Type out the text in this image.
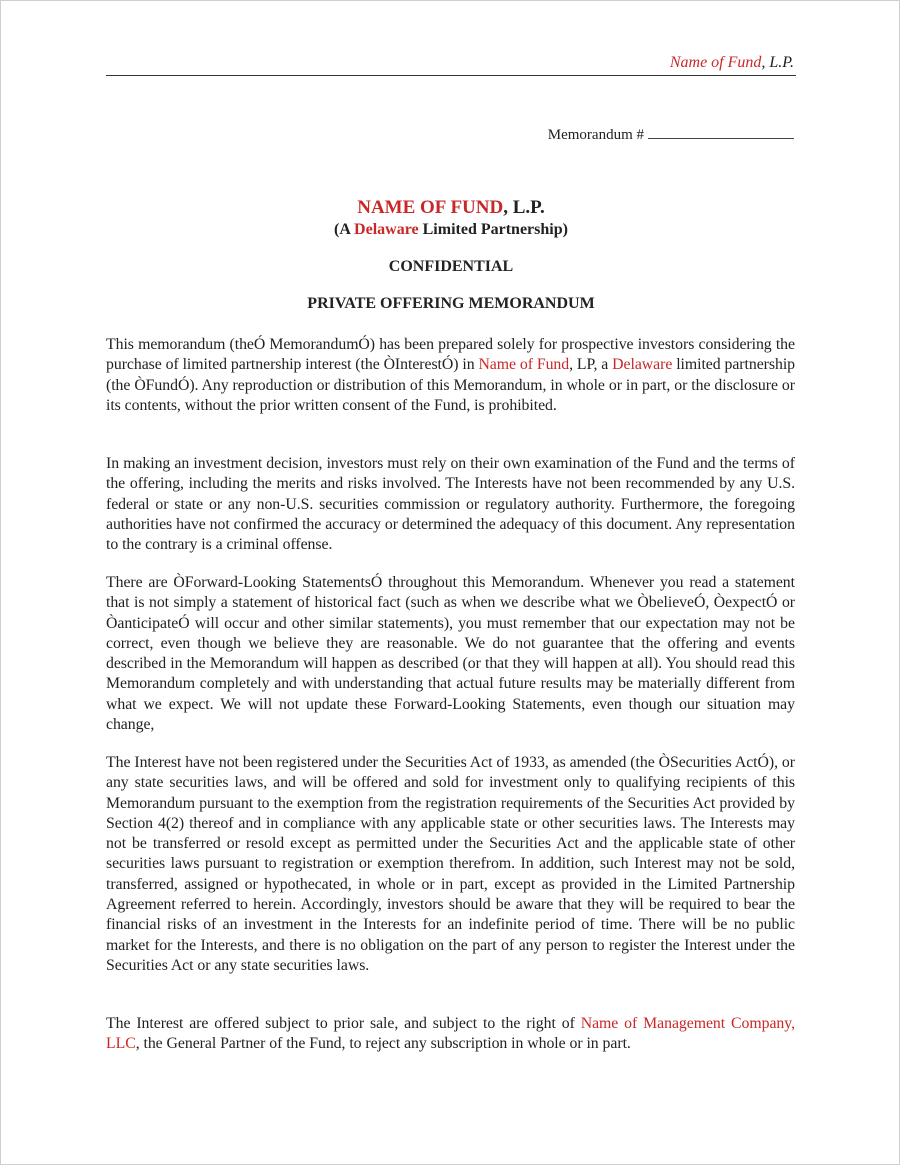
Name of Fund, L.P.
Memorandum #
NAME OF FUND, L.P.
(A Delaware Limited Partnership)
CONFIDENTIAL
PRIVATE OFFERING MEMORANDUM

This memorandum (theÓ MemorandumÓ) has been prepared solely for prospective investors considering the purchase of limited partnership interest (the ÒInterestÓ) in Name of Fund, LP, a Delaware limited partnership (the ÒFundÓ). Any reproduction or distribution of this Memorandum, in whole or in part, or the disclosure or its contents, without the prior written consent of the Fund, is prohibited.

In making an investment decision, investors must rely on their own examination of the Fund and the terms of the offering, including the merits and risks involved. The Interests have not been recommended by any U.S. federal or state or any non-U.S. securities commission or regulatory authority. Furthermore, the foregoing authorities have not confirmed the accuracy or determined the adequacy of this document. Any representation to the contrary is a criminal offense.

There are ÒForward-Looking StatementsÓ throughout this Memorandum. Whenever you read a statement that is not simply a statement of historical fact (such as when we describe what we ÒbelieveÓ, ÒexpectÓ or ÒanticipateÓ will occur and other similar statements), you must remember that our expectation may not be correct, even though we believe they are reasonable. We do not guarantee that the offering and events described in the Memorandum will happen as described (or that they will happen at all). You should read this Memorandum completely and with understanding that actual future results may be materially different from what we expect. We will not update these Forward-Looking Statements, even though our situation may change,

The Interest have not been registered under the Securities Act of 1933, as amended (the ÒSecurities ActÓ), or any state securities laws, and will be offered and sold for investment only to qualifying recipients of this Memorandum pursuant to the exemption from the registration requirements of the Securities Act provided by Section 4(2) thereof and in compliance with any applicable state or other securities laws. The Interests may not be transferred or resold except as permitted under the Securities Act and the applicable state of other securities laws pursuant to registration or exemption therefrom. In addition, such Interest may not be sold, transferred, assigned or hypothecated, in whole or in part, except as provided in the Limited Partnership Agreement referred to herein. Accordingly, investors should be aware that they will be required to bear the financial risks of an investment in the Interests for an indefinite period of time. There will be no public market for the Interests, and there is no obligation on the part of any person to register the Interest under the Securities Act or any state securities laws.

The Interest are offered subject to prior sale, and subject to the right of Name of Management Company, LLC, the General Partner of the Fund, to reject any subscription in whole or in part.
